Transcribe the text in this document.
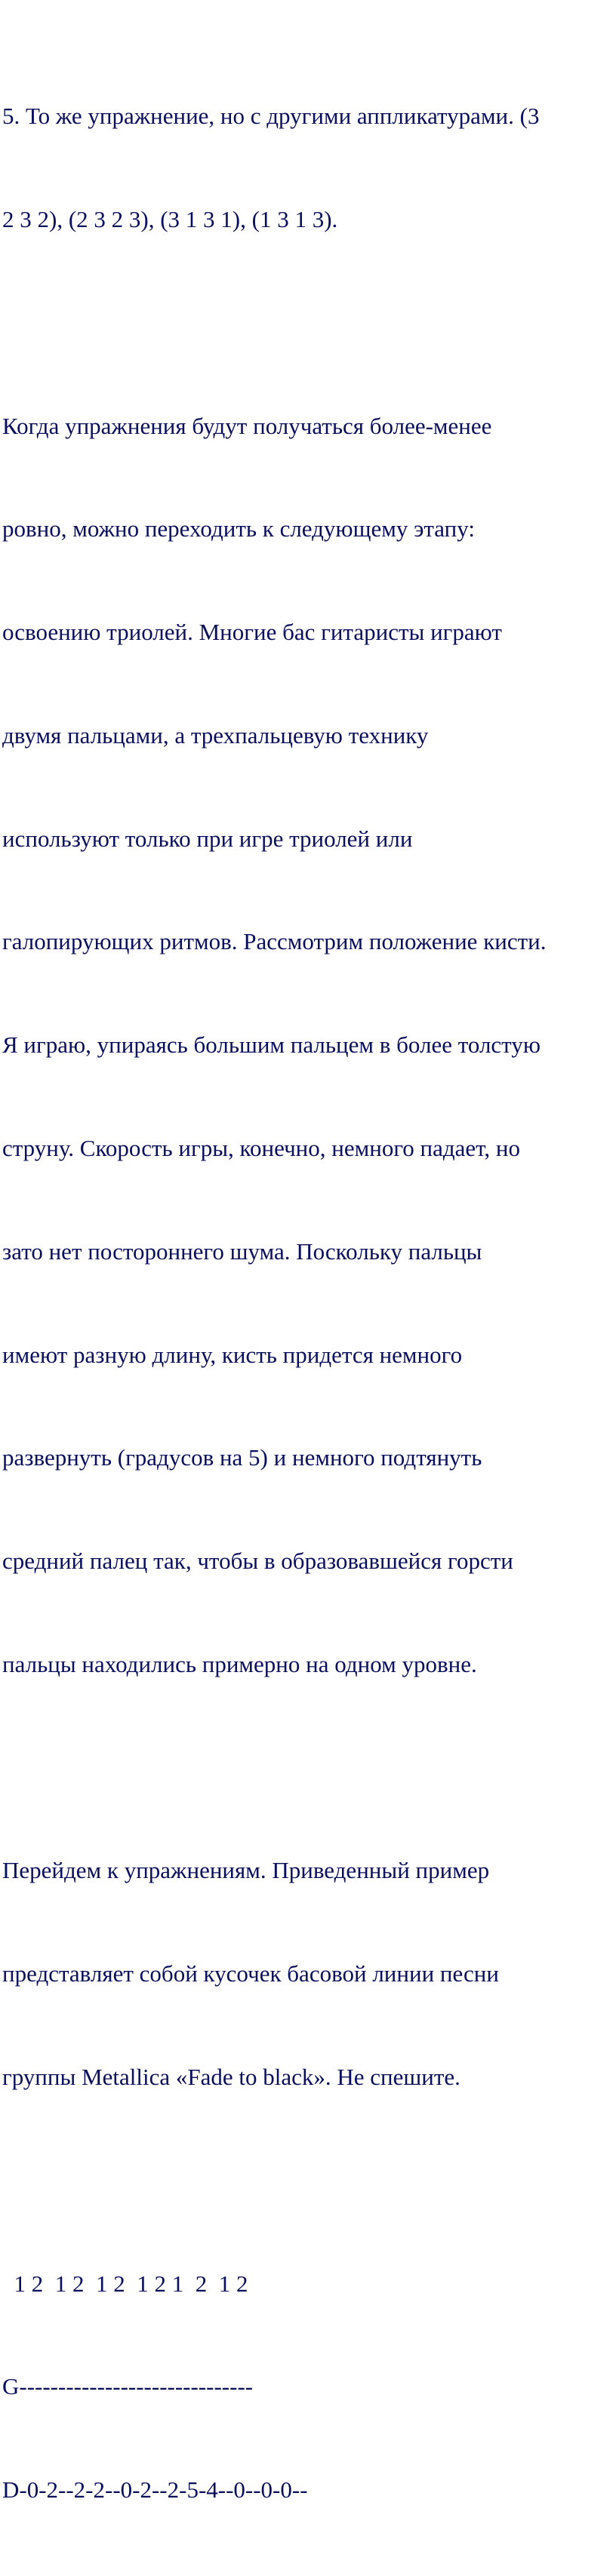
5. То же упражнение, но с другими аппликатурами. (3

2 3 2), (2 3 2 3), (3 1 3 1), (1 3 1 3).

Когда упражнения будут получаться более-менее

ровно, можно переходить к следующему этапу:

освоению триолей. Многие бас гитаристы играют

двумя пальцами, а трехпальцевую технику

используют только при игре триолей или

галопирующих ритмов. Рассмотрим положение кисти.

Я играю, упираясь большим пальцем в более толстую

струну. Скорость игры, конечно, немного падает, но

зато нет постороннего шума. Поскольку пальцы

имеют разную длину, кисть придется немного

развернуть (градусов на 5) и немного подтянуть

средний палец так, чтобы в образовавшейся горсти

пальцы находились примерно на одном уровне.

Перейдем к упражнениям. Приведенный пример

представляет собой кусочек басовой линии песни

группы Metallica «Fade to black». Не спешите.

1 2  1 2  1 2  1 2 1  2  1 2

G------------------------------

D-0-2--2-2--0-2--2-5-4--0--0-0--
